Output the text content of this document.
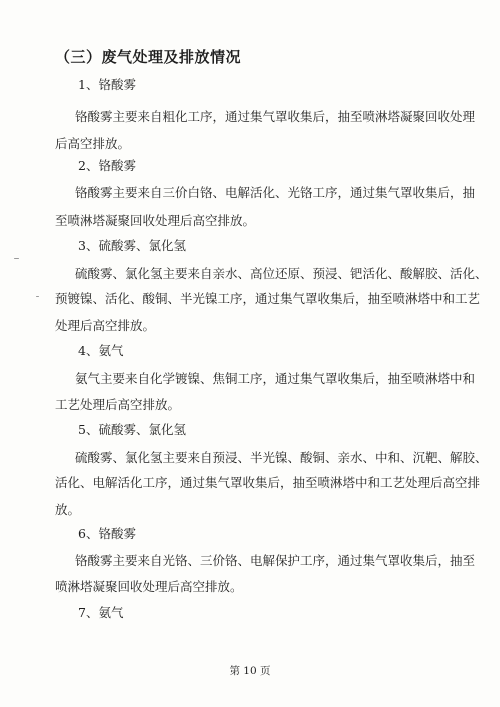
（三）废气处理及排放情况
1、铬酸雾
铬酸雾主要来自粗化工序，通过集气罩收集后，抽至喷淋塔凝聚回收处理
后高空排放。
2、铬酸雾
铬酸雾主要来自三价白铬、电解活化、光铬工序，通过集气罩收集后，抽
至喷淋塔凝聚回收处理后高空排放。
3、硫酸雾、氯化氢
硫酸雾、氯化氢主要来自亲水、高位还原、预浸、钯活化、酸解胶、活化、
预镀镍、活化、酸铜、半光镍工序，通过集气罩收集后，抽至喷淋塔中和工艺
处理后高空排放。
4、氨气
氨气主要来自化学镀镍、焦铜工序，通过集气罩收集后，抽至喷淋塔中和
工艺处理后高空排放。
5、硫酸雾、氯化氢
硫酸雾、氯化氢主要来自预浸、半光镍、酸铜、亲水、中和、沉靶、解胶、
活化、电解活化工序，通过集气罩收集后，抽至喷淋塔中和工艺处理后高空排
放。
6、铬酸雾
铬酸雾主要来自光铬、三价铬、电解保护工序，通过集气罩收集后，抽至
喷淋塔凝聚回收处理后高空排放。
7、氨气
第 10 页
